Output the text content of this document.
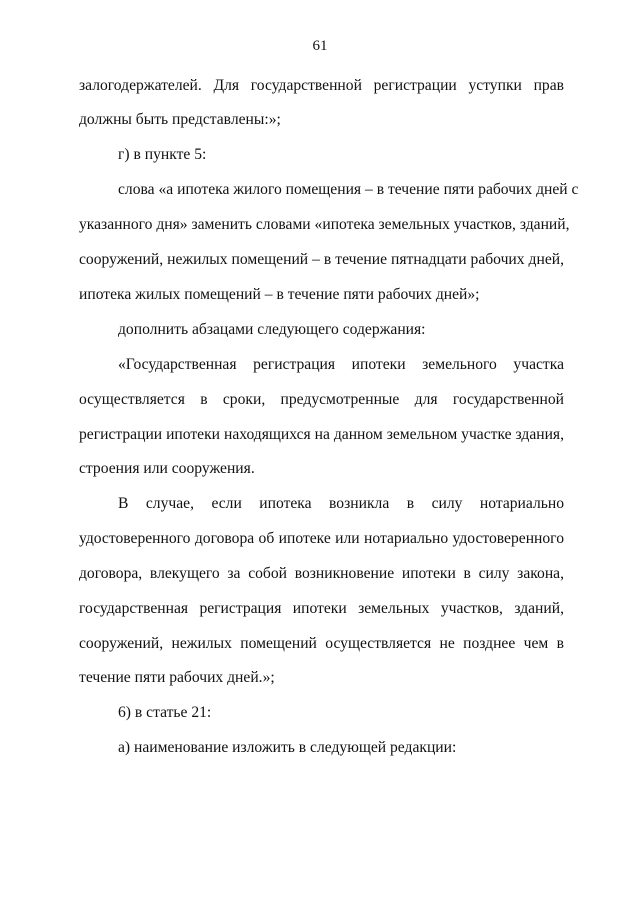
61
залогодержателей. Для государственной регистрации уступки прав
должны быть представлены:»;
г) в пункте 5:
слова «а ипотека жилого помещения – в течение пяти рабочих дней с
указанного дня» заменить словами «ипотека земельных участков, зданий,
сооружений, нежилых помещений – в течение пятнадцати рабочих дней,
ипотека жилых помещений – в течение пяти рабочих дней»;
дополнить абзацами следующего содержания:
«Государственная регистрация ипотеки земельного участка
осуществляется в сроки, предусмотренные для государственной
регистрации ипотеки находящихся на данном земельном участке здания,
строения или сооружения.
В случае, если ипотека возникла в силу нотариально
удостоверенного договора об ипотеке или нотариально удостоверенного
договора, влекущего за собой возникновение ипотеки в силу закона,
государственная регистрация ипотеки земельных участков, зданий,
сооружений, нежилых помещений осуществляется не позднее чем в
течение пяти рабочих дней.»;
6) в статье 21:
а) наименование изложить в следующей редакции:
